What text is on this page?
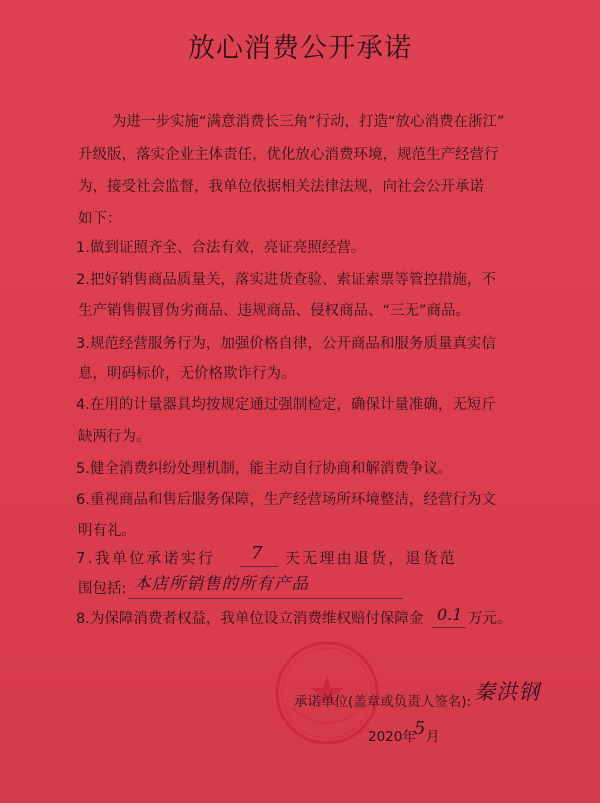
放心消费公开承诺
为进一步实施“满意消费长三角”行动，打造“放心消费在浙江”
升级版，落实企业主体责任，优化放心消费环境，规范生产经营行
为，接受社会监督，我单位依据相关法律法规，向社会公开承诺
如下：
1.做到证照齐全、合法有效，亮证亮照经营。
2.把好销售商品质量关，落实进货查验、索证索票等管控措施，不
生产销售假冒伪劣商品、违规商品、侵权商品、“三无”商品。
3.规范经营服务行为，加强价格自律，公开商品和服务质量真实信
息，明码标价，无价格欺诈行为。
4.在用的计量器具均按规定通过强制检定，确保计量准确，无短斤
缺两行为。
5.健全消费纠纷处理机制，能主动自行协商和解消费争议。
6.重视商品和售后服务保障，生产经营场所环境整洁，经营行为文
明有礼。
7.我单位承诺实行 7 天无理由退货，退货范
围包括: 本店所销售的所有产品
8.为保障消费者权益，我单位设立消费维权赔付保障金 0.1 万元。
承诺单位(盖章或负责人签名): 秦洪钢
2020年
5 月
